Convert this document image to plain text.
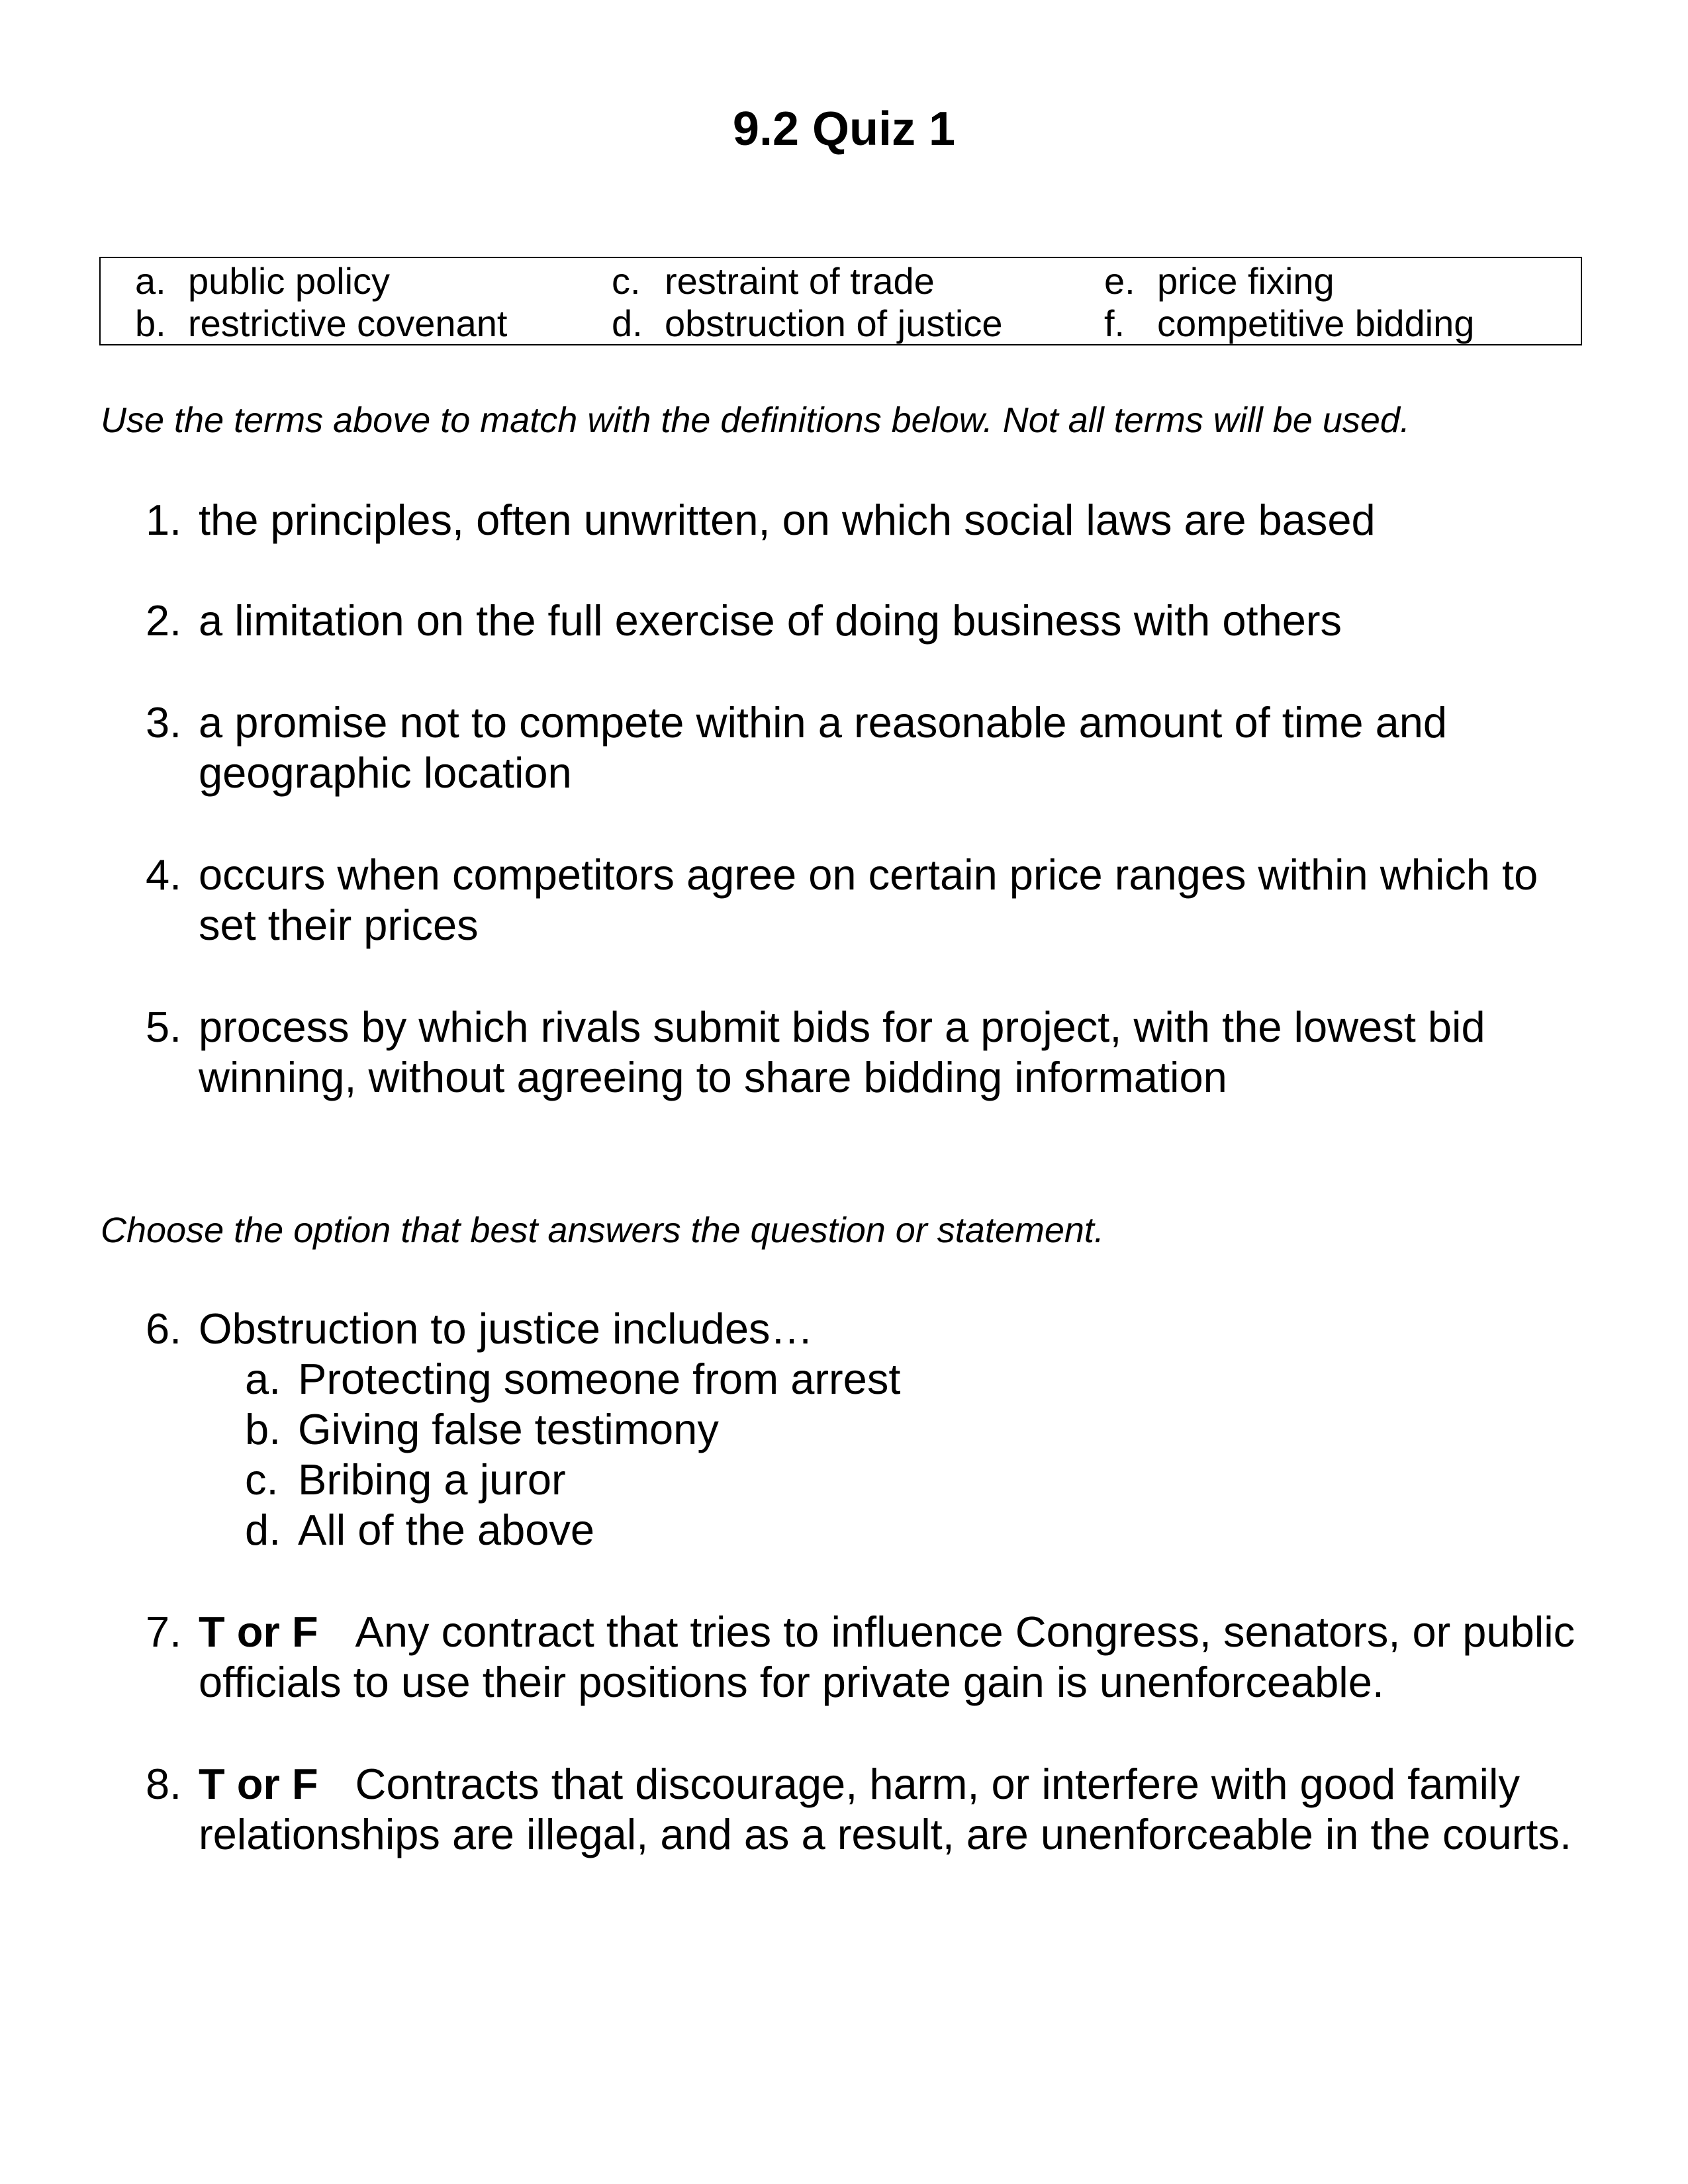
9.2 Quiz 1
a. public policy
b. restrictive covenant
c. restraint of trade
d. obstruction of justice
e. price fixing
f. competitive bidding
Use the terms above to match with the definitions below. Not all terms will be used.
1. the principles, often unwritten, on which social laws are based
2. a limitation on the full exercise of doing business with others
3. a promise not to compete within a reasonable amount of time and geographic location
4. occurs when competitors agree on certain price ranges within which to set their prices
5. process by which rivals submit bids for a project, with the lowest bid winning, without agreeing to share bidding information
Choose the option that best answers the question or statement.
6. Obstruction to justice includes…
a. Protecting someone from arrest
b. Giving false testimony
c. Bribing a juror
d. All of the above
7. T or F Any contract that tries to influence Congress, senators, or public officials to use their positions for private gain is unenforceable.
8. T or F Contracts that discourage, harm, or interfere with good family relationships are illegal, and as a result, are unenforceable in the courts.
